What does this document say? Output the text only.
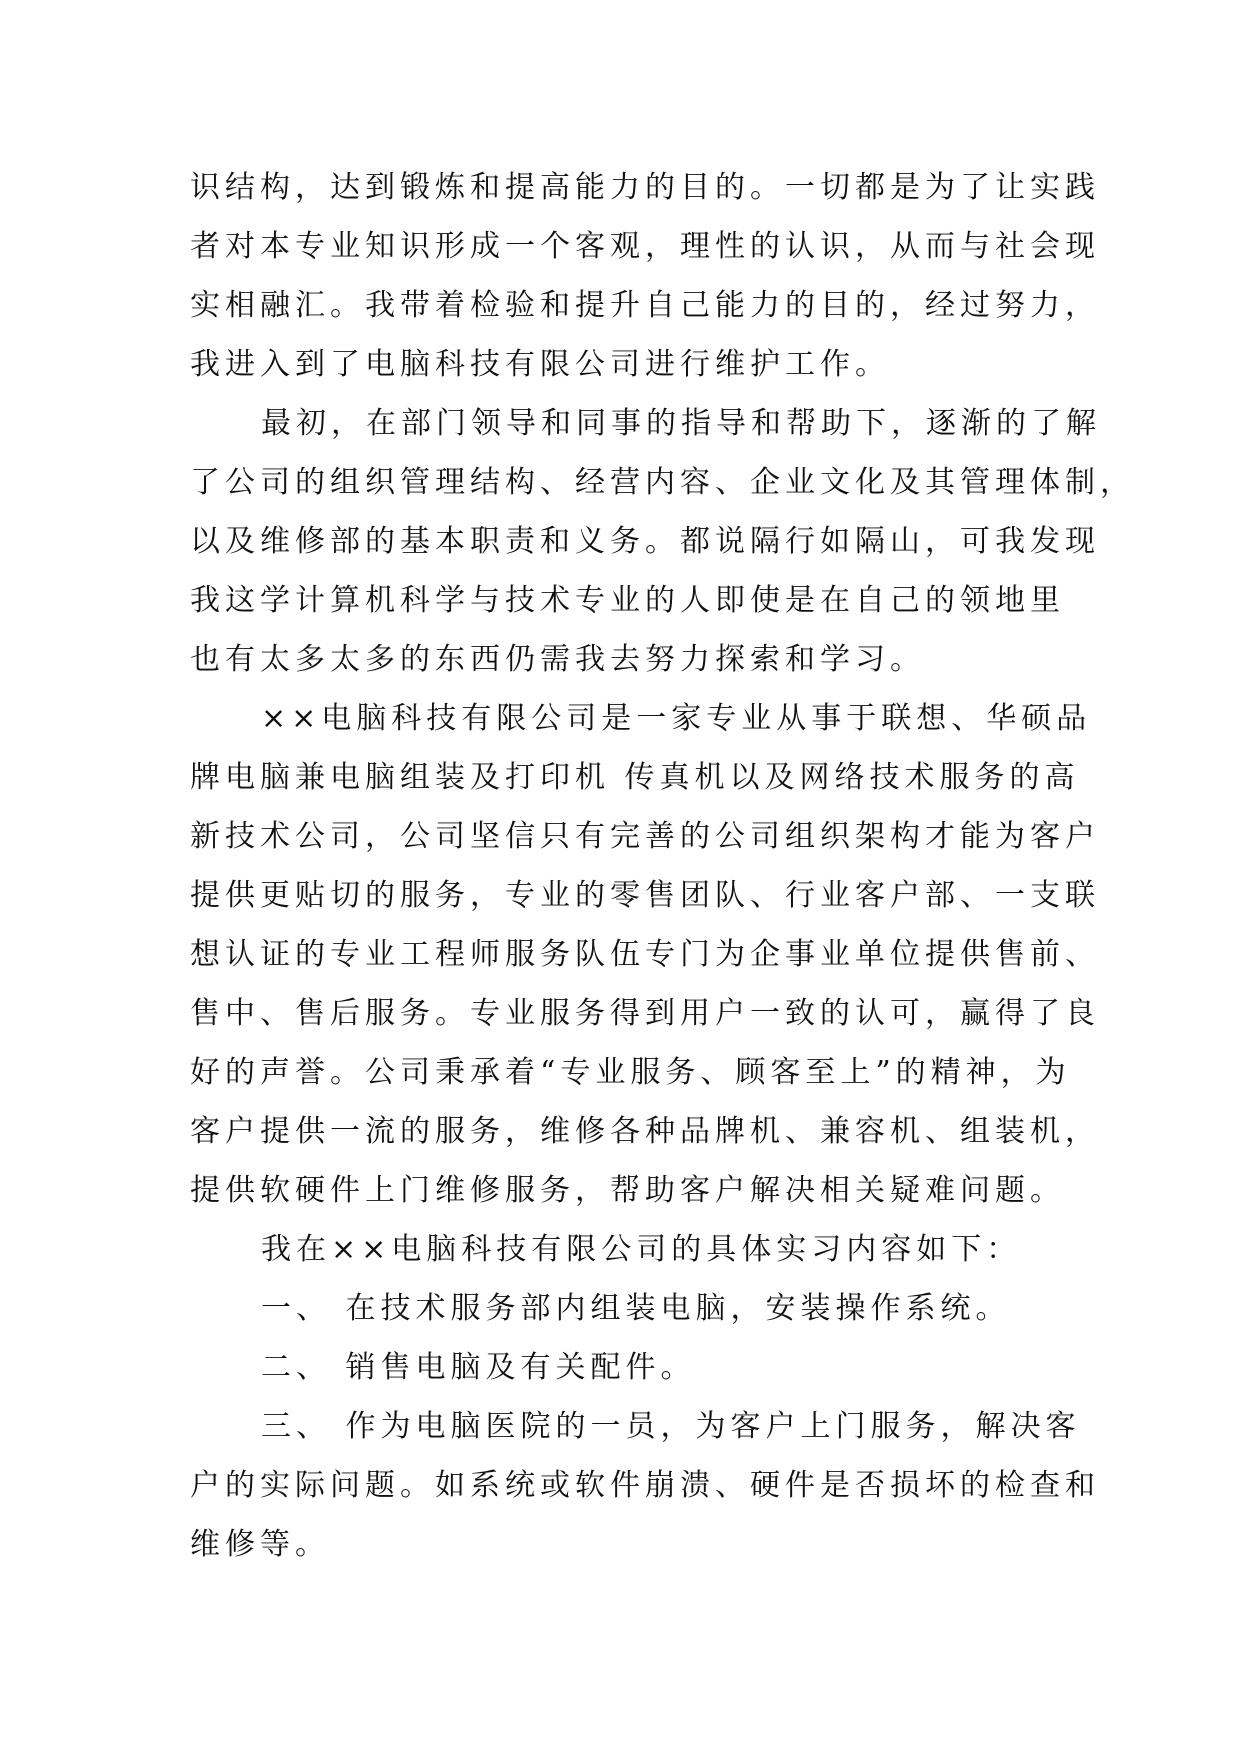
识结构，达到锻炼和提高能力的目的。一切都是为了让实践
者对本专业知识形成一个客观，理性的认识，从而与社会现
实相融汇。我带着检验和提升自己能力的目的，经过努力，
我进入到了电脑科技有限公司进行维护工作。
最初，在部门领导和同事的指导和帮助下，逐渐的了解
了公司的组织管理结构、经营内容、企业文化及其管理体制，
以及维修部的基本职责和义务。都说隔行如隔山，可我发现
我这学计算机科学与技术专业的人即使是在自己的领地里
也有太多太多的东西仍需我去努力探索和学习。
××电脑科技有限公司是一家专业从事于联想、华硕品
牌电脑兼电脑组装及打印机 传真机以及网络技术服务的高
新技术公司，公司坚信只有完善的公司组织架构才能为客户
提供更贴切的服务，专业的零售团队、行业客户部、一支联
想认证的专业工程师服务队伍专门为企事业单位提供售前、
售中、售后服务。专业服务得到用户一致的认可，赢得了良
好的声誉。公司秉承着“专业服务、顾客至上”的精神，为
客户提供一流的服务，维修各种品牌机、兼容机、组装机，
提供软硬件上门维修服务，帮助客户解决相关疑难问题。
我在××电脑科技有限公司的具体实习内容如下：
一、 在技术服务部内组装电脑，安装操作系统。
二、 销售电脑及有关配件。
三、 作为电脑医院的一员，为客户上门服务，解决客
户的实际问题。如系统或软件崩溃、硬件是否损坏的检查和
维修等。
